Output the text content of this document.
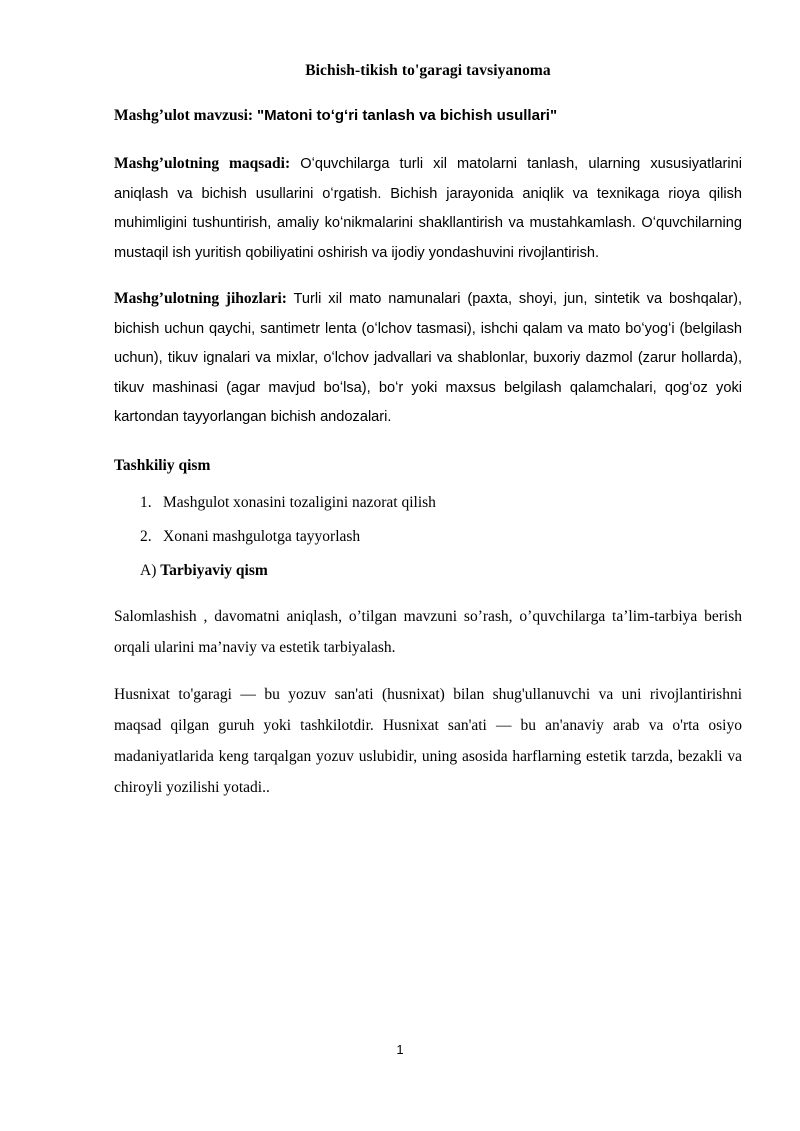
Bichish-tikish to'garagi tavsiyanoma

Mashg’ulot mavzusi: "Matoni toʻgʻri tanlash va bichish usullari"

Mashg’ulotning maqsadi: Oʻquvchilarga turli xil matolarni tanlash, ularning xususiyatlarini aniqlash va bichish usullarini oʻrgatish. Bichish jarayonida aniqlik va texnikaga rioya qilish muhimligini tushuntirish, amaliy koʻnikmalarini shakllantirish va mustahkamlash. Oʻquvchilarning mustaqil ish yuritish qobiliyatini oshirish va ijodiy yondashuvini rivojlantirish.

Mashg’ulotning jihozlari: Turli xil mato namunalari (paxta, shoyi, jun, sintetik va boshqalar), bichish uchun qaychi, santimetr lenta (oʻlchov tasmasi), ishchi qalam va mato boʻyogʻi (belgilash uchun), tikuv ignalari va mixlar, oʻlchov jadvallari va shablonlar, buxoriy dazmol (zarur hollarda), tikuv mashinasi (agar mavjud boʻlsa), boʻr yoki maxsus belgilash qalamchalari, qogʻoz yoki kartondan tayyorlangan bichish andozalari.

Tashkiliy qism
1. Mashgulot xonasini tozaligini nazorat qilish
2. Xonani mashgulotga tayyorlash

A) Tarbiyaviy qism

Salomlashish , davomatni aniqlash, o’tilgan mavzuni so’rash, o’quvchilarga ta’lim-tarbiya berish orqali ularini ma’naviy va estetik tarbiyalash.

Husnixat to'garagi — bu yozuv san'ati (husnixat) bilan shug'ullanuvchi va uni rivojlantirishni maqsad qilgan guruh yoki tashkilotdir. Husnixat san'ati — bu an'anaviy arab va o'rta osiyo madaniyatlarida keng tarqalgan yozuv uslubidir, uning asosida harflarning estetik tarzda, bezakli va chiroyli yozilishi yotadi..

1
